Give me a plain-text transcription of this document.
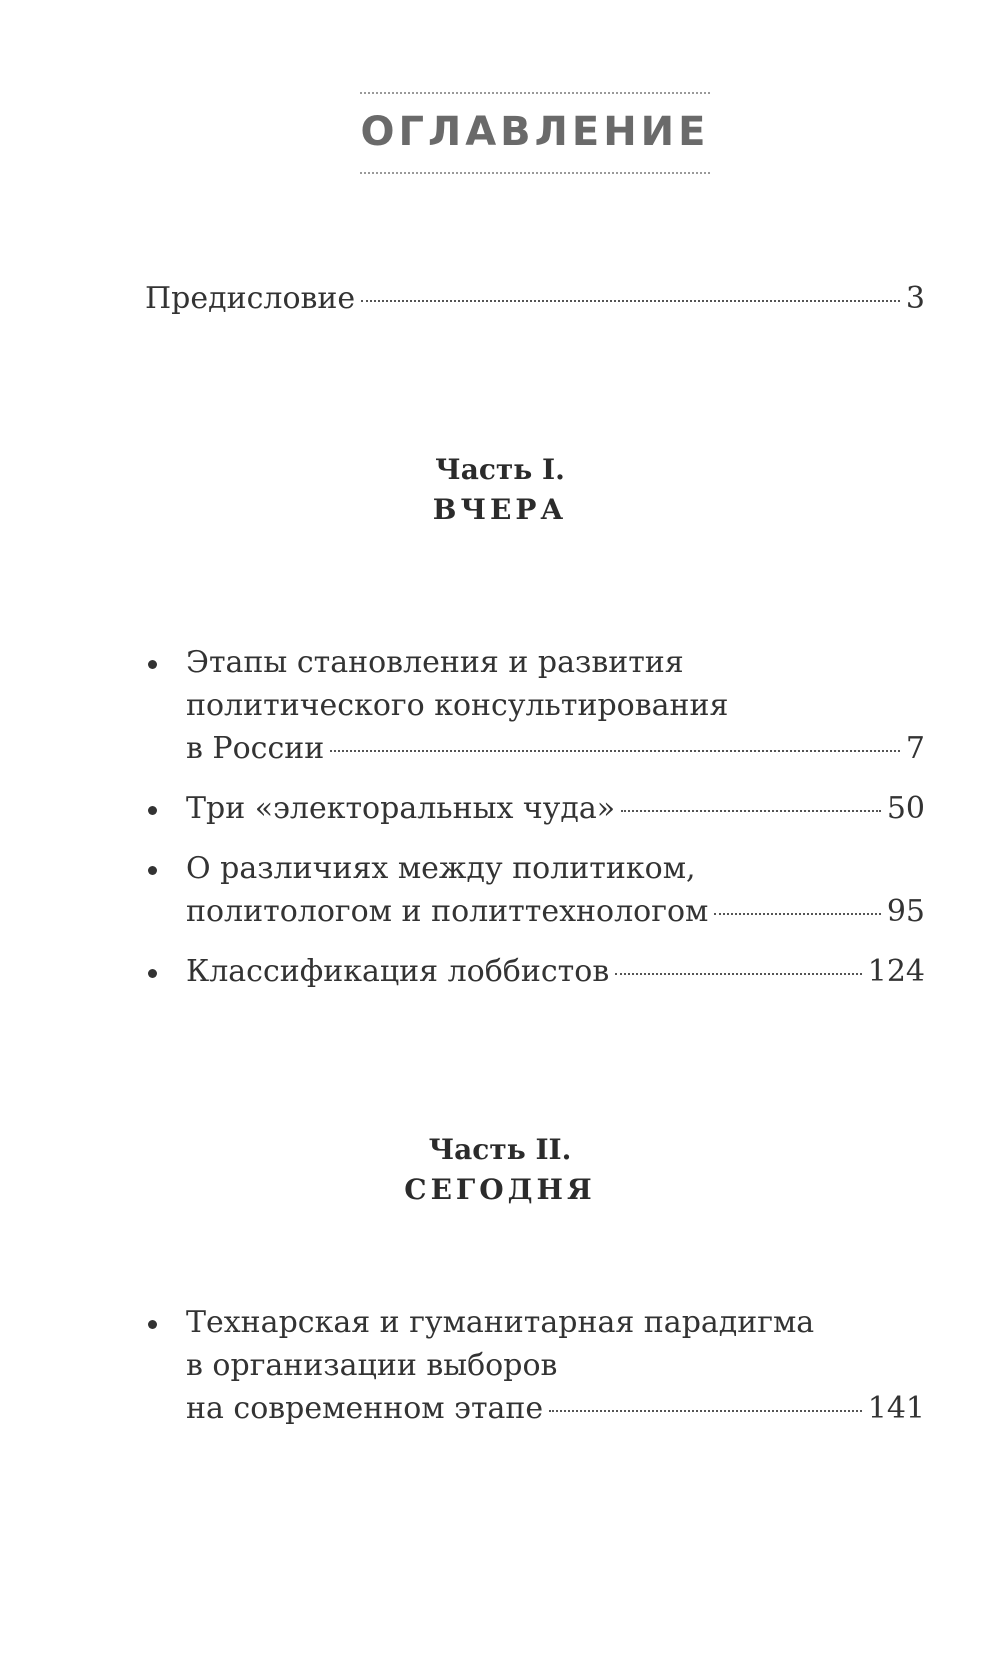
ОГЛАВЛЕНИЕ
Предисловие	3
Часть I.
ВЧЕРА
Этапы становления и развития
политического консультирования
в России	7
Три «электоральных чуда»	50
О различиях между политиком,
политологом и политтехнологом	95
Классификация лоббистов	124
Часть II.
СЕГОДНЯ
Технарская и гуманитарная парадигма
в организации выборов
на современном этапе	141
